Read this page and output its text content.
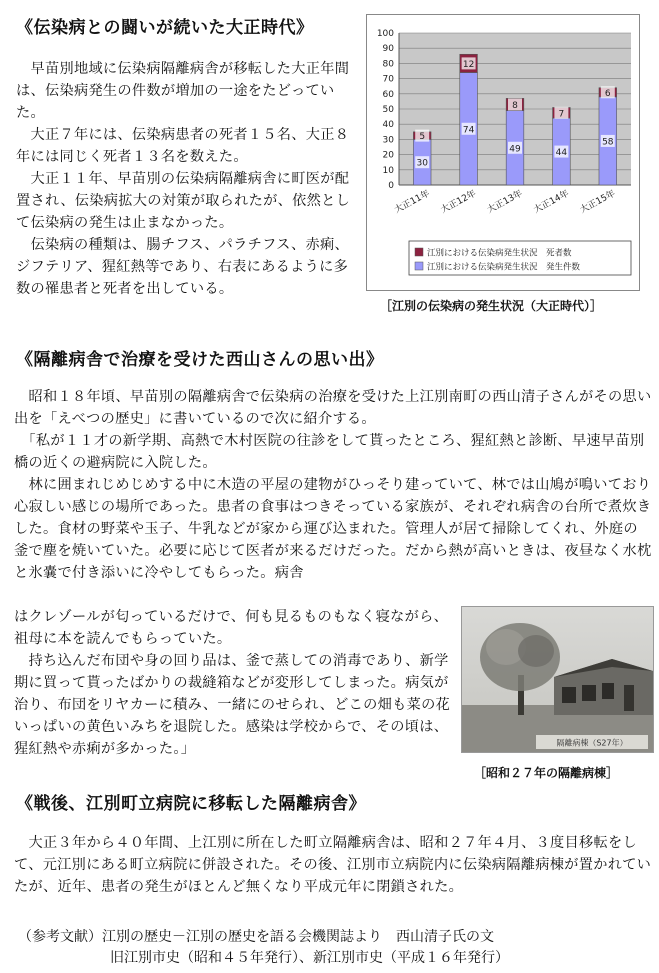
《伝染病との闘いが続いた大正時代》

　早苗別地域に伝染病隔離病舎が移転した大正年間は、伝染病発生の件数が増加の一途をたどっていた。

　大正７年には、伝染病患者の死者１５名、大正８年には同じく死者１３名を数えた。

　大正１１年、早苗別の伝染病隔離病舎に町医が配置され、伝染病拡大の対策が取られたが、依然として伝染病の発生は止まなかった。

　伝染病の種類は、腸チフス、パラチフス、赤痢、ジフテリア、猩紅熱等であり、右表にあるように多数の罹患者と死者を出している。

0
10
20
30
40
50
60
70
80
90
100
30
5
大正11年
74
12
大正12年
49
8
大正13年
44
7
大正14年
58
6
大正15年
江別における伝染病発生状況　死者数
江別における伝染病発生状況　発生件数
［江別の伝染病の発生状況（大正時代）］
《隔離病舎で治療を受けた西山さんの思い出》

　昭和１８年頃、早苗別の隔離病舎で伝染病の治療を受けた上江別南町の西山清子さんがその思い出を「えべつの歴史」に書いているので次に紹介する。

　「私が１１才の新学期、高熱で木村医院の往診をして貰ったところ、猩紅熱と診断、早速早苗別橋の近くの避病院に入院した。

　林に囲まれじめじめする中に木造の平屋の建物がひっそり建っていて、林では山鳩が鳴いており心寂しい感じの場所であった。患者の食事はつきそっている家族が、それぞれ病舎の台所で煮炊きした。食材の野菜や玉子、牛乳などが家から運び込まれた。管理人が居て掃除してくれ、外庭の釜で塵を焼いていた。必要に応じて医者が来るだけだった。だから熱が高いときは、夜昼なく水枕と氷嚢で付き添いに冷やしてもらった。病舎

はクレゾールが匂っているだけで、何も見るものもなく寝ながら、祖母に本を読んでもらっていた。

　持ち込んだ布団や身の回り品は、釜で蒸しての消毒であり、新学期に買って貰ったばかりの裁縫箱などが変形してしまった。病気が治り、布団をリヤカーに積み、一緒にのせられ、どこの畑も菜の花いっぱいの黄色いみちを退院した。感染は学校からで、その頃は、猩紅熱や赤痢が多かった。」	隔離病棟（S27年）
［昭和２７年の隔離病棟］
《戦後、江別町立病院に移転した隔離病舎》
　大正３年から４０年間、上江別に所在した町立隔離病舎は、昭和２７年４月、３度目移転をして、元江別にある町立病院に併設された。その後、江別市立病院内に伝染病隔離病棟が置かれていたが、近年、患者の発生がほとんど無くなり平成元年に閉鎖された。
（参考文献）江別の歴史－江別の歴史を語る会機関誌より　西山清子氏の文
旧江別市史（昭和４５年発行）、新江別市史（平成１６年発行）
